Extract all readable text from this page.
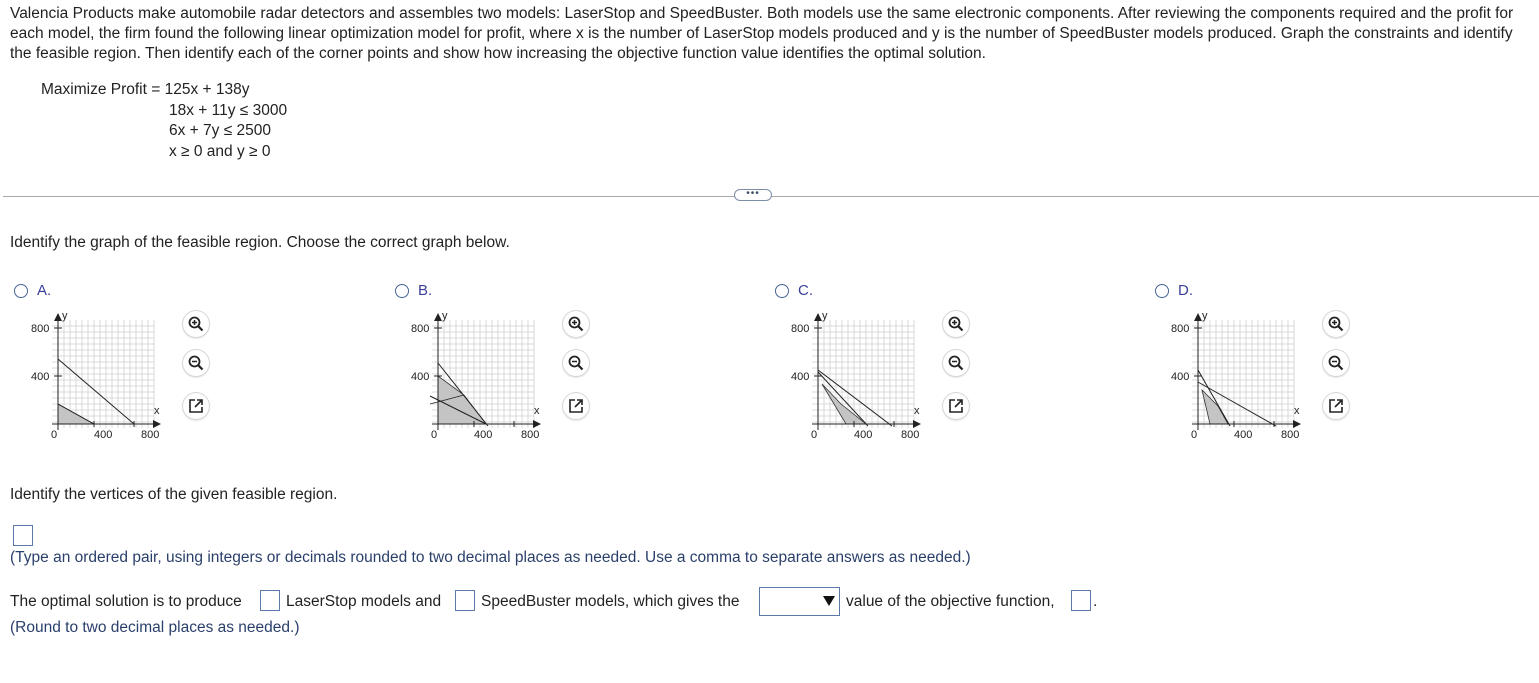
Valencia Products make automobile radar detectors and assembles two models: LaserStop and SpeedBuster. Both models use the same electronic components. After reviewing the components required and the profit for each model, the firm found the following linear optimization model for profit, where x is the number of LaserStop models produced and y is the number of SpeedBuster models produced. Graph the constraints and identify the feasible region. Then identify each of the corner points and show how increasing the objective function value identifies the optimal solution.
Maximize Profit = 125x + 138y
18x + 11y ≤ 3000
6x + 7y ≤ 2500
x ≥ 0 and y ≥ 0
•••
Identify the graph of the feasible region. Choose the correct graph below.
A.
y
x
800
400
0	400	800
B.
y
x
800
400
0	400	800
C.
y
x
800
400
0	400	800
D.
y
x
800
400
0	400	800
Identify the vertices of the given feasible region.
(Type an ordered pair, using integers or decimals rounded to two decimal places as needed. Use a comma to separate answers as needed.)
The optimal solution is to produce	LaserStop models and	SpeedBuster models, which gives the	value of the objective function, .
(Round to two decimal places as needed.)
